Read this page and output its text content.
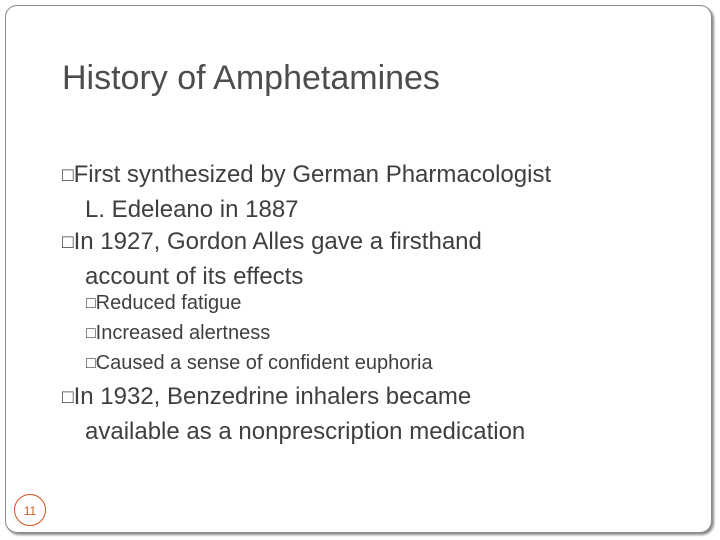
History of Amphetamines
□First synthesized by German Pharmacologist
L. Edeleano in 1887
□In 1927, Gordon Alles gave a firsthand
account of its effects
□Reduced fatigue
□Increased alertness
□Caused a sense of confident euphoria
□In 1932, Benzedrine inhalers became
available as a nonprescription medication
11
